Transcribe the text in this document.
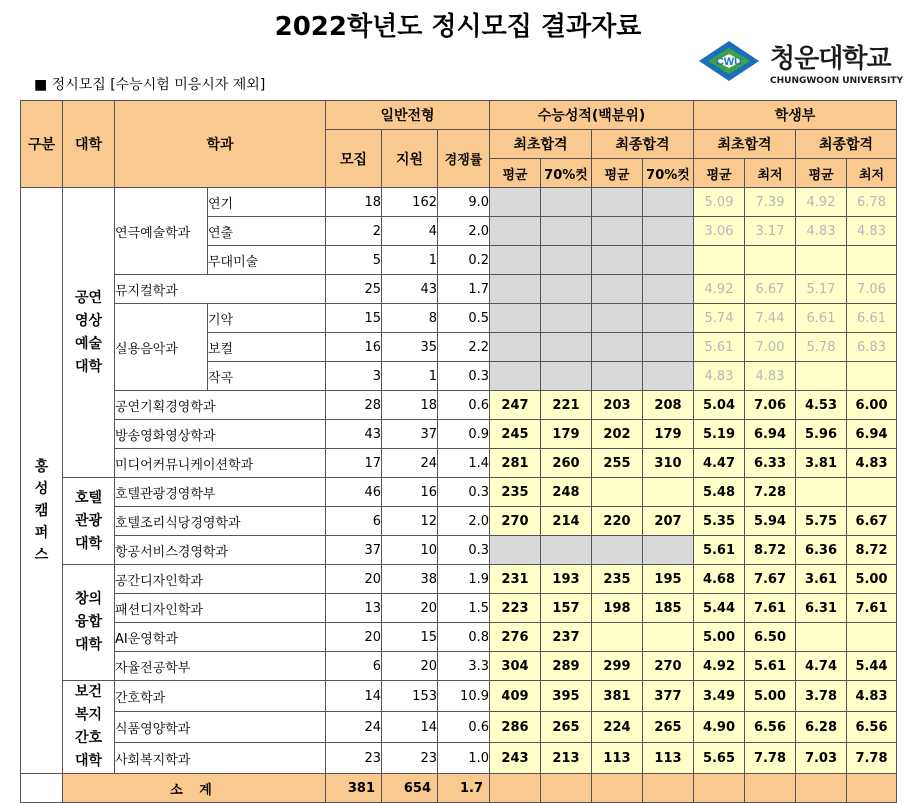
2022학년도 정시모집 결과자료
■ 정시모집 [수능시험 미응시자 제외]
CWU 청운대학교
CHUNGWOON UNIVERSITY
구분	대학	학과		일반전형			수능성적(백분위)				학생부			
				모집	지원	경쟁률	최초합격		최종합격		최초합격		최종합격	
							평균	70%컷	평균	70%컷	평균	최저	평균	최저
홍성캠퍼스	공연영상예술대학	연극예술학과	연기	18	162	9.0					5.09	7.39	4.92	6.78
			연출	2	4	2.0					3.06	3.17	4.83	4.83
			무대미술	5	1	0.2								
		뮤지컬학과		25	43	1.7					4.92	6.67	5.17	7.06
		실용음악과	기악	15	8	0.5					5.74	7.44	6.61	6.61
			보컬	16	35	2.2					5.61	7.00	5.78	6.83
			작곡	3	1	0.3					4.83	4.83		
		공연기획경영학과		28	18	0.6	247	221	203	208	5.04	7.06	4.53	6.00
		방송영화영상학과		43	37	0.9	245	179	202	179	5.19	6.94	5.96	6.94
		미디어커뮤니케이션학과		17	24	1.4	281	260	255	310	4.47	6.33	3.81	4.83
	호텔관광대학	호텔관광경영학부		46	16	0.3	235	248			5.48	7.28		
		호텔조리식당경영학과		6	12	2.0	270	214	220	207	5.35	5.94	5.75	6.67
		항공서비스경영학과		37	10	0.3					5.61	8.72	6.36	8.72
	창의융합대학	공간디자인학과		20	38	1.9	231	193	235	195	4.68	7.67	3.61	5.00
		패션디자인학과		13	20	1.5	223	157	198	185	5.44	7.61	6.31	7.61
		AI운영학과		20	15	0.8	276	237			5.00	6.50		
		자율전공학부		6	20	3.3	304	289	299	270	4.92	5.61	4.74	5.44
	보건복지간호대학	간호학과		14	153	10.9	409	395	381	377	3.49	5.00	3.78	4.83
		식품영양학과		24	14	0.6	286	265	224	265	4.90	6.56	6.28	6.56
		사회복지학과		23	23	1.0	243	213	113	113	5.65	7.78	7.03	7.78
	소 계			381	654	1.7								
